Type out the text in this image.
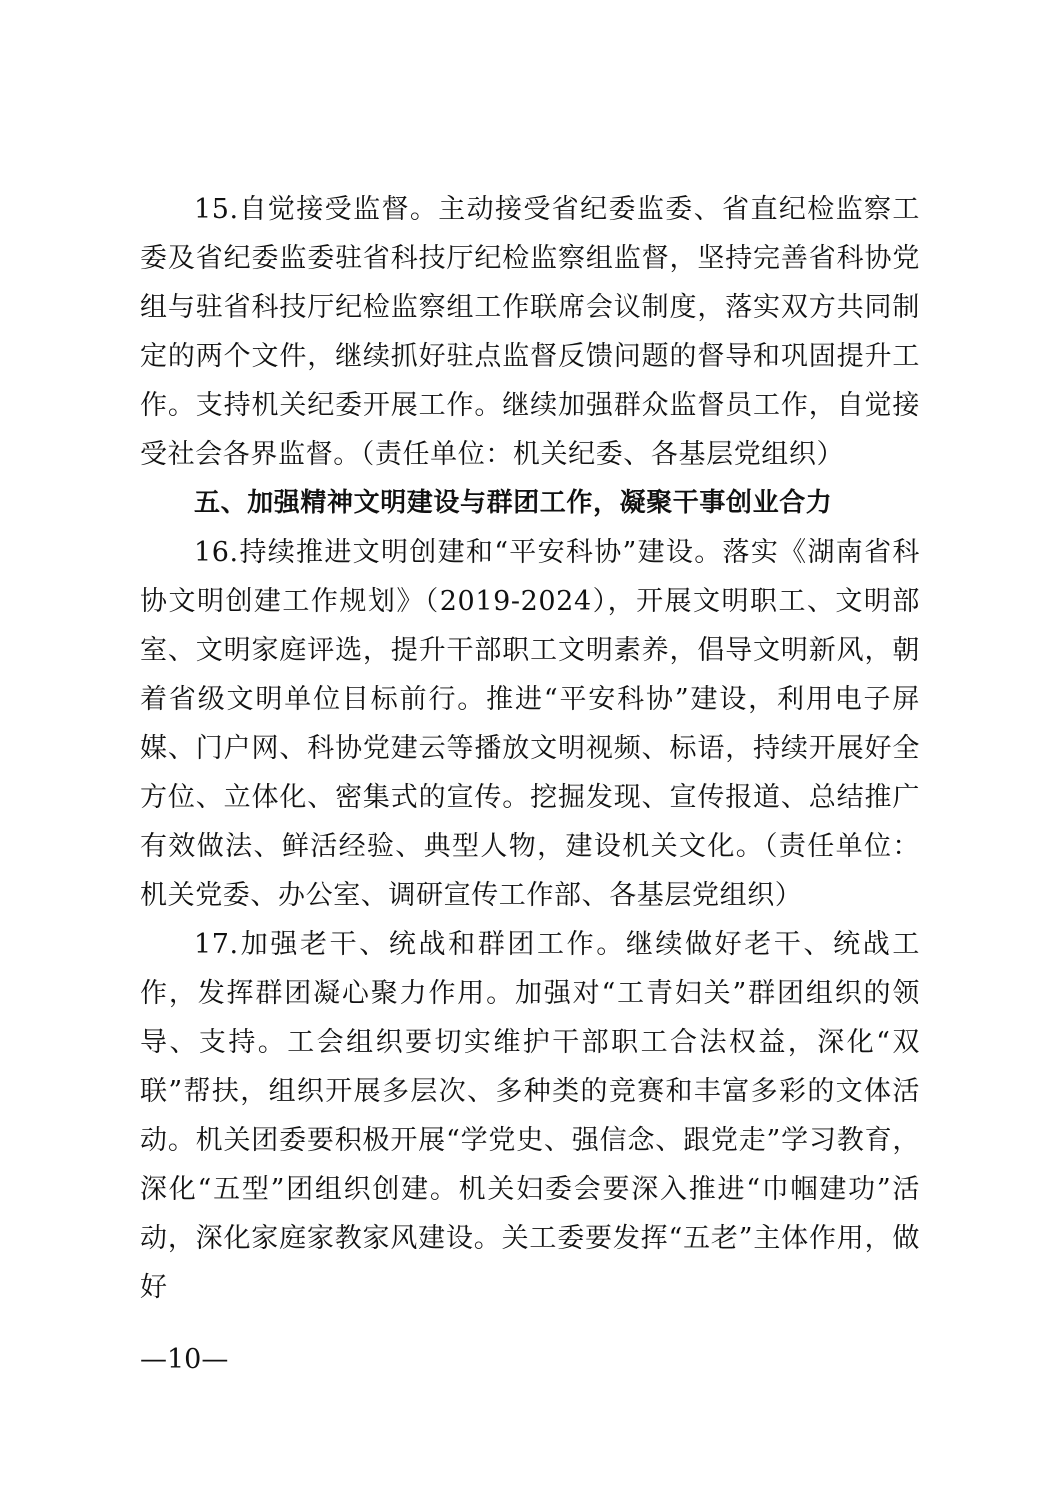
15.自觉接受监督。主动接受省纪委监委、省直纪检监察工委及省纪委监委驻省科技厅纪检监察组监督，坚持完善省科协党组与驻省科技厅纪检监察组工作联席会议制度，落实双方共同制定的两个文件，继续抓好驻点监督反馈问题的督导和巩固提升工作。支持机关纪委开展工作。继续加强群众监督员工作，自觉接受社会各界监督。（责任单位：机关纪委、各基层党组织）

五、加强精神文明建设与群团工作，凝聚干事创业合力

16.持续推进文明创建和“平安科协”建设。落实《湖南省科协文明创建工作规划》（2019-2024），开展文明职工、文明部室、文明家庭评选，提升干部职工文明素养，倡导文明新风，朝着省级文明单位目标前行。推进“平安科协”建设，利用电子屏媒、门户网、科协党建云等播放文明视频、标语，持续开展好全方位、立体化、密集式的宣传。挖掘发现、宣传报道、总结推广有效做法、鲜活经验、典型人物，建设机关文化。（责任单位：机关党委、办公室、调研宣传工作部、各基层党组织）

17.加强老干、统战和群团工作。继续做好老干、统战工作，发挥群团凝心聚力作用。加强对“工青妇关”群团组织的领导、支持。工会组织要切实维护干部职工合法权益，深化“双联”帮扶，组织开展多层次、多种类的竞赛和丰富多彩的文体活动。机关团委要积极开展“学党史、强信念、跟党走”学习教育，深化“五型”团组织创建。机关妇委会要深入推进“巾帼建功”活动，深化家庭家教家风建设。关工委要发挥“五老”主体作用，做好

—10—
